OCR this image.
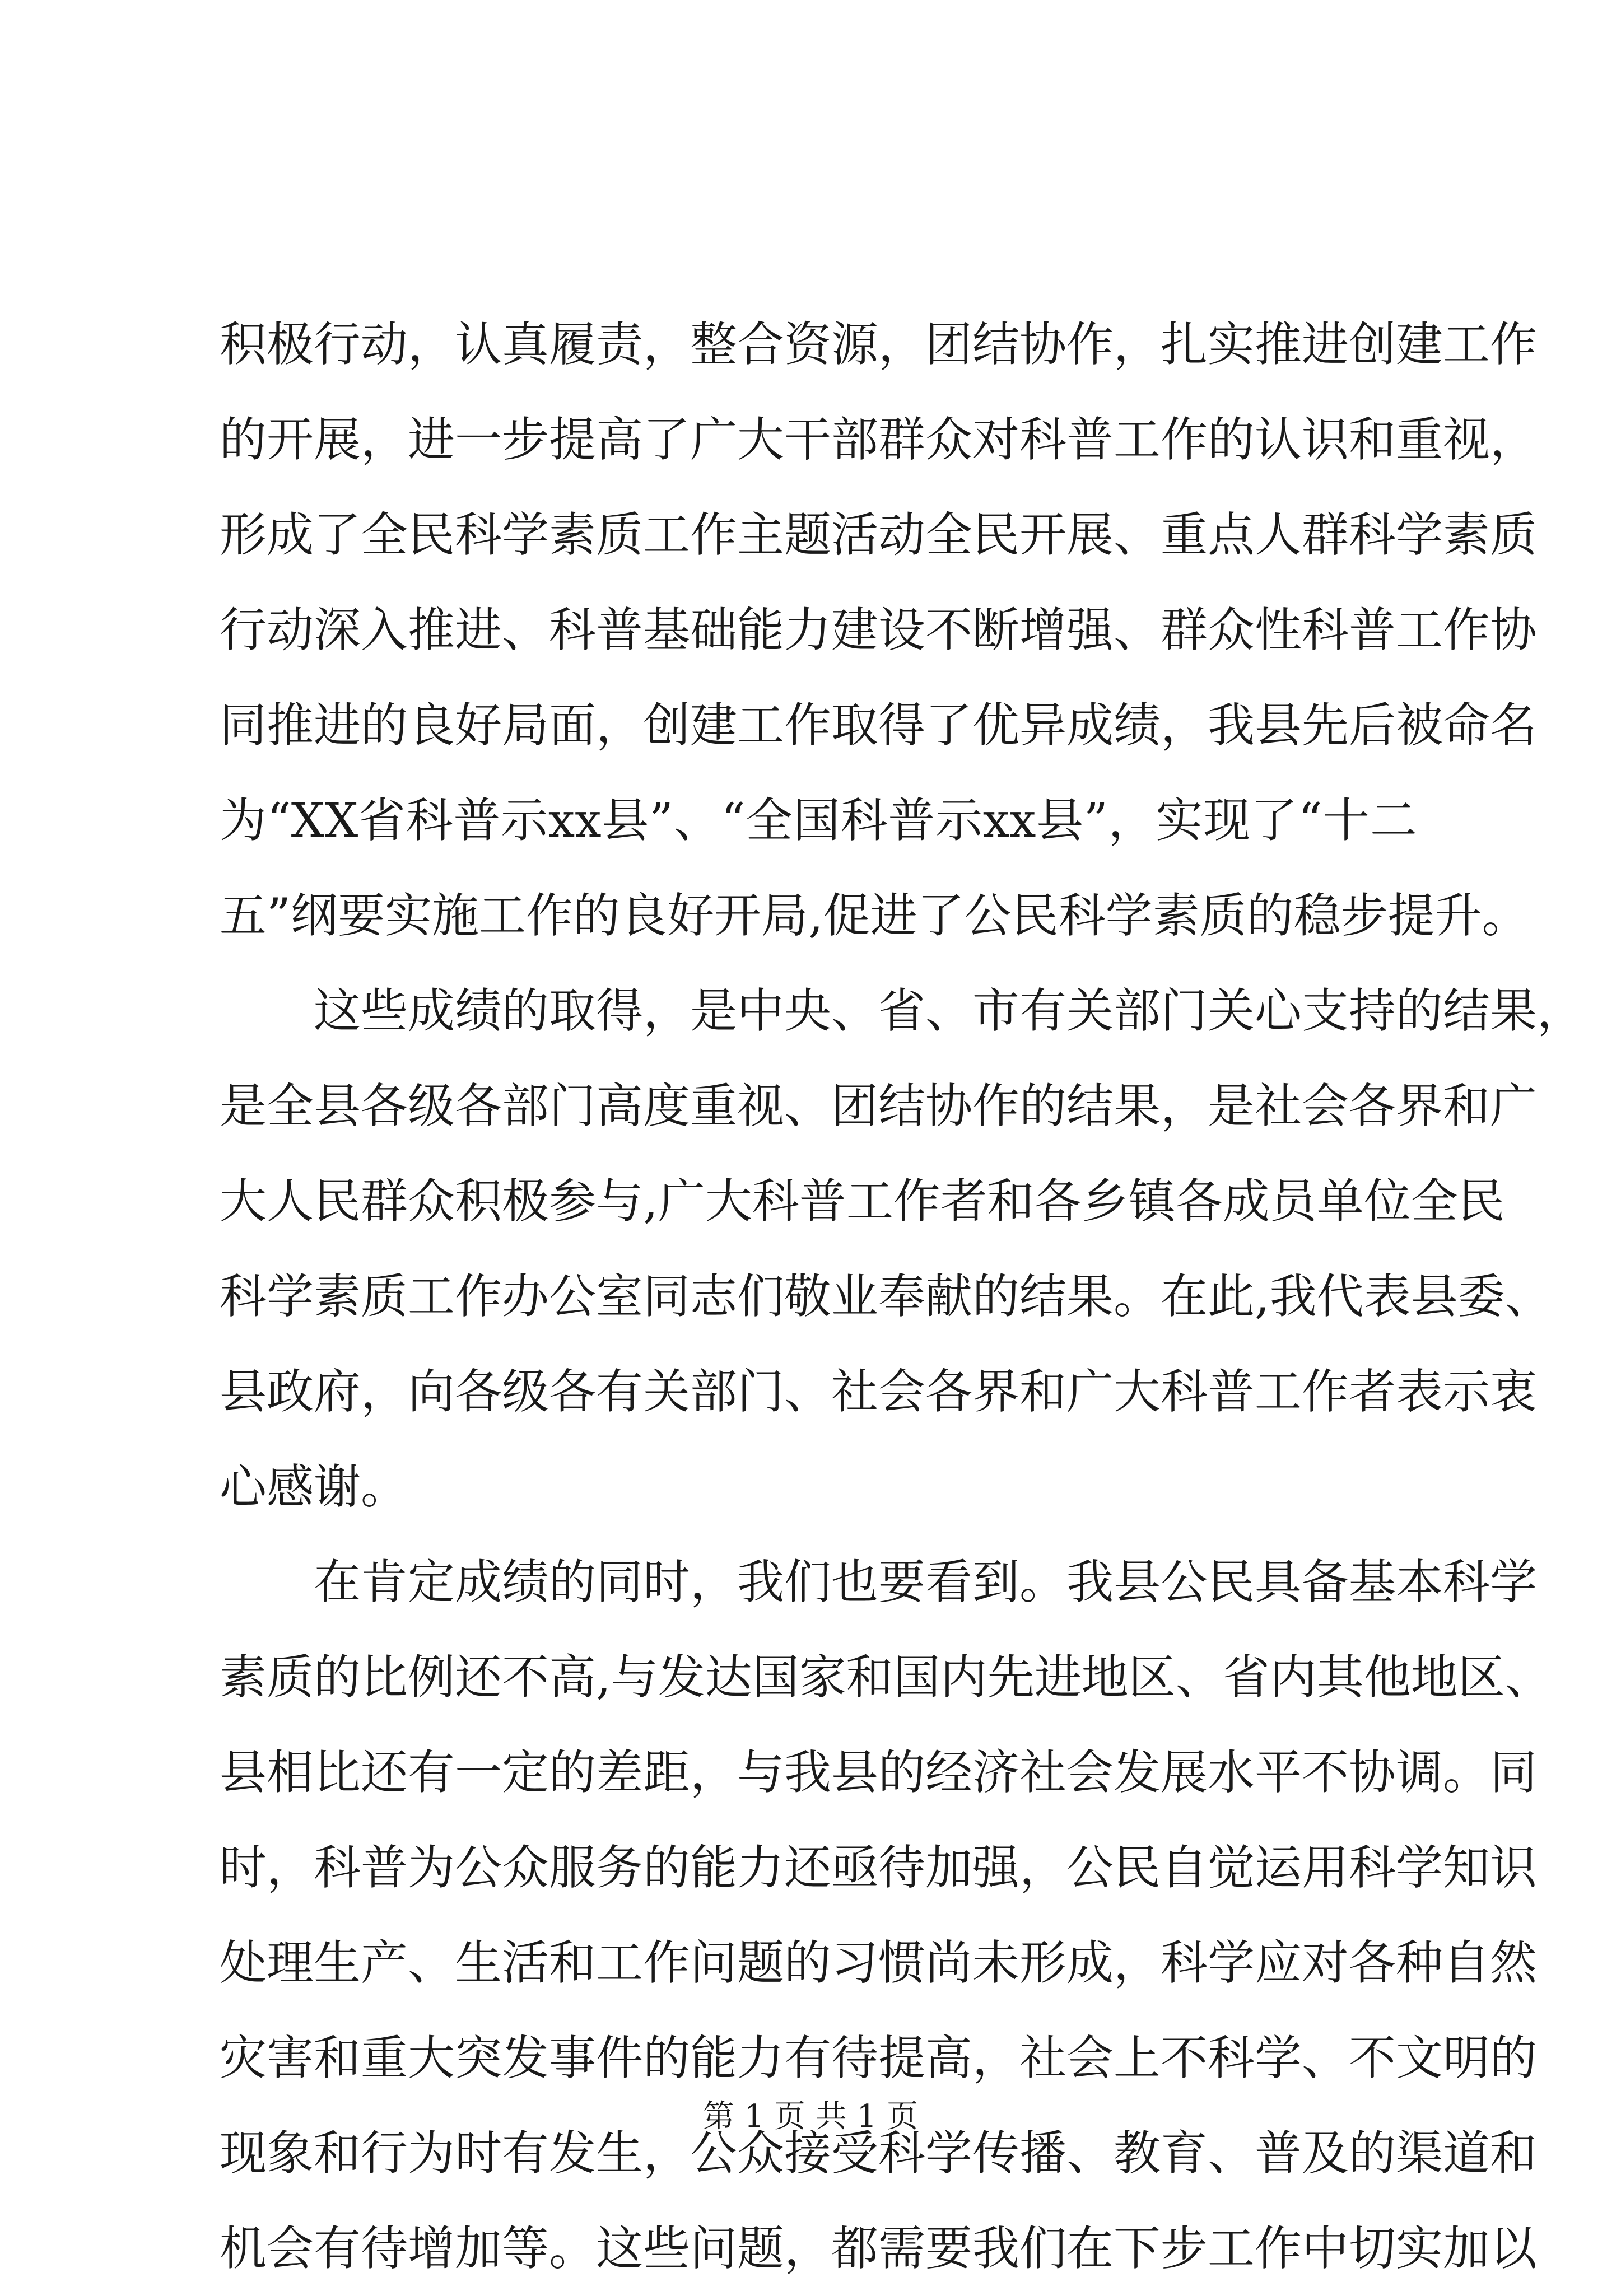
积极行动，认真履责，整合资源，团结协作，扎实推进创建工作
的开展，进一步提高了广大干部群众对科普工作的认识和重视，
形成了全民科学素质工作主题活动全民开展、重点人群科学素质
行动深入推进、科普基础能力建设不断增强、群众性科普工作协
同推进的良好局面，创建工作取得了优异成绩，我县先后被命名
为“XX省科普示xx县”、“全国科普示xx县”，实现了“十二
五”纲要实施工作的良好开局,促进了公民科学素质的稳步提升。
这些成绩的取得，是中央、省、市有关部门关心支持的结果，
是全县各级各部门高度重视、团结协作的结果，是社会各界和广
大人民群众积极参与,广大科普工作者和各乡镇各成员单位全民
科学素质工作办公室同志们敬业奉献的结果。在此,我代表县委、
县政府，向各级各有关部门、社会各界和广大科普工作者表示衷
心感谢。
在肯定成绩的同时，我们也要看到。我县公民具备基本科学
素质的比例还不高,与发达国家和国内先进地区、省内其他地区、
县相比还有一定的差距，与我县的经济社会发展水平不协调。同
时，科普为公众服务的能力还亟待加强，公民自觉运用科学知识
处理生产、生活和工作问题的习惯尚未形成，科学应对各种自然
灾害和重大突发事件的能力有待提高，社会上不科学、不文明的
现象和行为时有发生，公众接受科学传播、教育、普及的渠道和
机会有待增加等。这些问题，都需要我们在下步工作中切实加以
第 1 页 共 1 页
